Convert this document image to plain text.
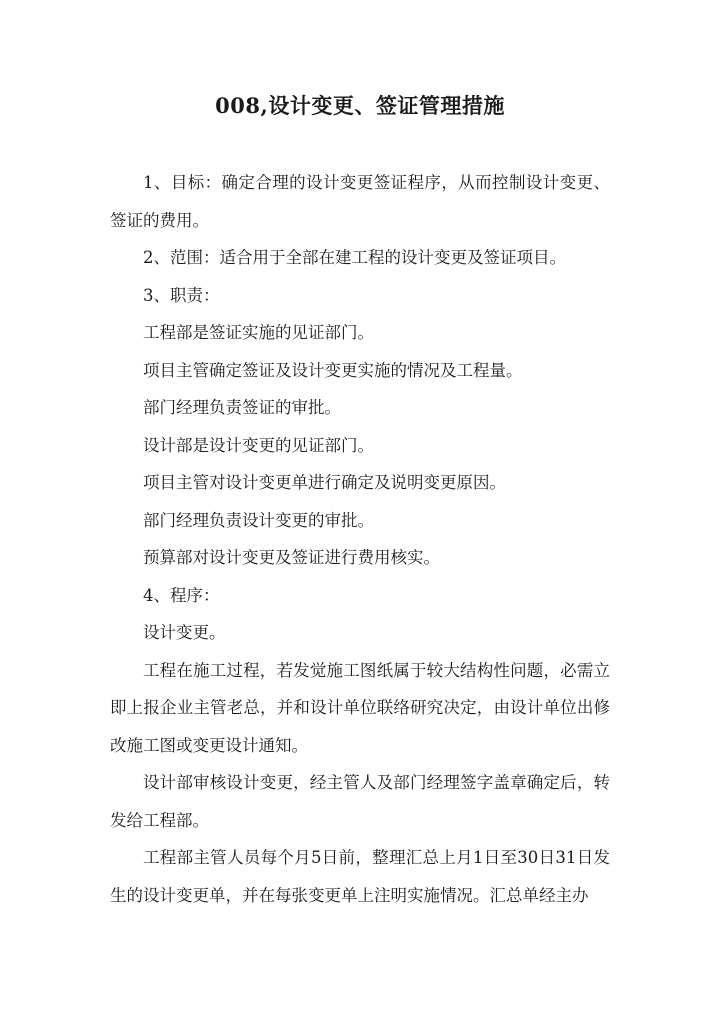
008,设计变更、签证管理措施

1、目标：确定合理的设计变更签证程序，从而控制设计变更、签证的费用。

2、范围：适合用于全部在建工程的设计变更及签证项目。

3、职责：

工程部是签证实施的见证部门。

项目主管确定签证及设计变更实施的情况及工程量。

部门经理负责签证的审批。

设计部是设计变更的见证部门。

项目主管对设计变更单进行确定及说明变更原因。

部门经理负责设计变更的审批。

预算部对设计变更及签证进行费用核实。

4、程序：

设计变更。

工程在施工过程，若发觉施工图纸属于较大结构性问题，必需立即上报企业主管老总，并和设计单位联络研究决定，由设计单位出修改施工图或变更设计通知。

设计部审核设计变更，经主管人及部门经理签字盖章确定后，转发给工程部。

工程部主管人员每个月5日前，整理汇总上月1日至30日31日发生的设计变更单，并在每张变更单上注明实施情况。汇总单经主办
